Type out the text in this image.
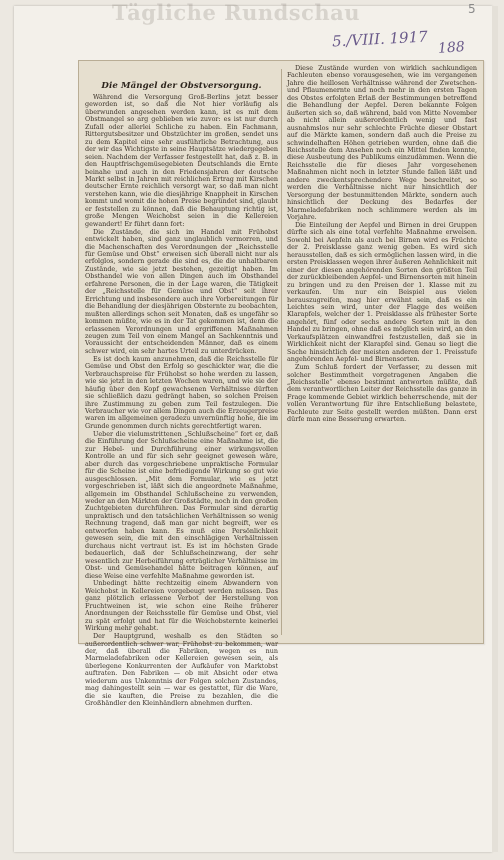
Tägliche Rundschau	5
5./VIII. 1917 188
Die Mängel der Obstversorgung.

Während die Versorgung Groß-Berlins jetzt besser geworden ist, so daß die Not hier vorläufig als überwunden angesehen werden kann, ist es mit dem Obstmangel so arg geblieben wie zuvor: es ist nur durch Zufall oder allerlei Schliche zu haben. Ein Fachmann, Rittergutsbesitzer und Obstzüchter im großen, sendet uns zu dem Kapitel eine sehr ausführliche Betrachtung, aus der wir das Wichtigste in seine Hauptsätze wiedergegeben seien. Nachdem der Verfasser festgestellt hat, daß z. B. in den Hauptfrischgemüsegebieten Deutschlands die Ernte beinahe und auch in den Friedensjahren der deutsche Markt selbst in Jahren mit reichlichen Ertrag mit Kirschen deutscher Ernte reichlich versorgt war, so daß man nicht verstehen kann, wie die diesjährige Knappheit in Kirschen kommt und womit die hohen Preise begründet sind, glaubt er feststellen zu können, daß die Behauptung richtig ist, große Mengen Weichobst seien in die Kellereien gewandert! Er führt dann fort:

Die Zustände, die sich im Handel mit Frühobst entwickelt haben, sind ganz unglaublich vermorren, und die Machenschaften des Verordnungen der „Reichsstelle für Gemüse und Obst“ erweisen sich überall nicht nur als erfolglos, sondern gerade die sind es, die die unhaltbaren Zustände, wie sie jetzt bestehen, gezeitigt haben. Im Obsthandel wie von allen Dingen auch im Obsthandel erfahrene Personen, die in der Lage waren, die Tätigkeit der „Reichsstelle für Gemüse und Obst“ seit ihrer Errichtung und insbesondere auch ihre Vorbereitungen für die Behandlung der diesjährigen Obsternte zu beobachten, mußten allerdings schon seit Monaten, daß es ungefähr so kommen müßte, wie es in der Tat gekommen ist, denn die erlassenen Verordnungen und ergriffenen Maßnahmen zeugen zum Teil von einem Mangel an Sachkenntnis und Voraussicht der entscheidenden Männer, daß es einem schwer wird, ein sehr hartes Urteil zu unterdrücken.

Es ist doch kaum anzunehmen, daß die Reichsstelle für Gemüse und Obst den Erfolg so geschickter war, die die Verbrauchspreise für Frühobst so hohe werden zu lassen, wie sie jetzt in den letzten Wochen waren, und wie sie der häufig über den Kopf gewachsenen Verhältnisse dürften sie schließlich dazu gedrängt haben, so solchen Preisen ihre Zustimmung zu geben zum Teil festzulegen. Die Verbraucher wie vor allem Dingen auch die Erzeugerpreise waren im allgemeinen geradezu unvernünftig hohe, die im Grunde genommen durch nichts gerechtfertigt waren.

Ueber die vielumstrittenen „Schlußscheine“ fort er, daß die Einführung der Schlußscheine eine Maßnahme ist, die zur Hebel- und Durchführung einer wirkungsvollen Kontrolle an und für sich sehr geeignet gewesen wäre, aber durch das vorgeschriebene unpraktische Formular für die Scheine ist eine befriedigende Wirkung so gut wie ausgeschlossen. „Mit dem Formular, wie es jetzt vorgeschrieben ist, läßt sich die angeordnete Maßnahme, allgemein im Obsthandel Schlußscheine zu verwenden, weder an den Märkten der Großstädte, noch in den großen Zuchtgebieten durchführen. Das Formular sind derartig unpraktisch und den tatsächlichen Verhältnissen so wenig Rechnung tragend, daß man gar nicht begreift, wer es entworfen haben kann. Es muß eine Persönlichkeit gewesen sein, die mit den einschlägigen Verhältnissen durchaus nicht vertraut ist. Es ist im höchsten Grade bedauerlich, daß der Schlußscheinzwang, der sehr wesentlich zur Herbeiführung erträglicher Verhältnisse im Obst- und Gemüsehandel hätte beitragen können, auf diese Weise eine verfehlte Maßnahme geworden ist.

Unbedingt hätte rechtzeitig einem Abwandern von Weichobst in Kellereien vorgebeugt werden müssen. Das ganz plötzlich erlassene Verbot der Herstellung von Fruchtweinen ist, wie schon eine Reihe früherer Anordnungen der Reichsstelle für Gemüse und Obst, viel zu spät erfolgt und hat für die Weichobsternte keinerlei Wirkung mehr gehabt.

Der Hauptgrund, weshalb es den Städten so außerordentlich schwer war, Frühobst zu bekommen, war der, daß überall die Fabriken, wegen es nun Marmeladefabriken oder Kellereien gewesen sein, als überlegene Konkurrenten der Aufkäufer von Marktobst auftraten. Den Fabriken — ob mit Absicht oder etwa wiederum aus Unkenntnis der Folgen solchen Zustandes, mag dahingestellt sein — war es gestattet, für die Ware, die sie kauften, die Preise zu bezahlen, die die Großhändler den Kleinhändlern abnehmen durften.

Diese Zustände wurden von wirklich sachkundigen Fachleuten ebenso vorausgesehen, wie im vergangenen Jahre die heillosen Verhältnisse während der Zwetschen- und Pflaumenernte und noch mehr in den ersten Tagen des Obstes erfolgten Erlaß der Bestimmungen betreffend die Behandlung der Aepfel. Deren bekannte Folgen äußerten sich so, daß während, bald von Mitte November ab nicht allein außerordentlich wenig und fast ausnahmslos nur sehr schlechte Früchte dieser Obstart auf die Märkte kamen, sondern daß auch die Preise zu schwindelhaften Höhen getrieben wurden, ohne daß die Reichsstelle dem Ansehen noch ein Mittel finden konnte, diese Ausbeutung des Publikums einzudämmen. Wenn die Reichsstelle die für dieses Jahr vorgesehenen Maßnahmen nicht noch in letzter Stunde fallen läßt und andere zweckentsprechendere Wege beschreitet, so werden die Verhältnisse nicht nur hinsichtlich der Versorgung der bestunmittenden Märkte, sondern auch hinsichtlich der Deckung des Bedarfes der Marmeladefabriken noch schlimmere werden als im Vorjahre.

Die Einteilung der Aepfel und Birnen in drei Gruppen dürfte sich als eine total verfehlte Maßnahme erweisen. Sowohl bei Aepfeln als auch bei Birnen wird es Früchte der 2. Preisklasse ganz wenig geben. Es wird sich herausstellen, daß es sich ermöglichen lassen wird, in die ersten Preisklassen wegen ihrer äußeren Aehnlichkeit mit einer der diesen angehörenden Sorten den größten Teil der zurückbleibenden Aepfel- und Birnensorten mit hinein zu bringen und zu den Preisen der 1. Klasse mit zu verkaufen. Um nur ein Beispiel aus vielen herauszugreifen, mag hier erwähnt sein, daß es ein Leichtes sein wird, unter der Flagge des weißen Klarapfels, welcher der 1. Preisklasse als frühester Sorte angehört, fünf oder sechs andere Sorten mit in den Handel zu bringen, ohne daß es möglich sein wird, an den Verkaufsplätzen einwandfrei festzustellen, daß sie in Wirklichkeit nicht der Klarapfel sind. Genau so liegt die Sache hinsichtlich der meisten anderen der 1. Preisstufe angehörenden Aepfel- und Birnensorten.

Zum Schluß fordert der Verfasser, zu dessen mit solcher Bestimmtheit vorgetragenen Angaben die „Reichsstelle“ ebenso bestimmt antworten müßte, daß dem verantwortlichen Leiter der Reichsstelle das ganze in Frage kommende Gebiet wirklich beherrschende, mit der vollen Verantwortung für ihre Entschließung belastete, Fachleute zur Seite gestellt werden müßten. Dann erst dürfe man eine Besserung erwarten.
